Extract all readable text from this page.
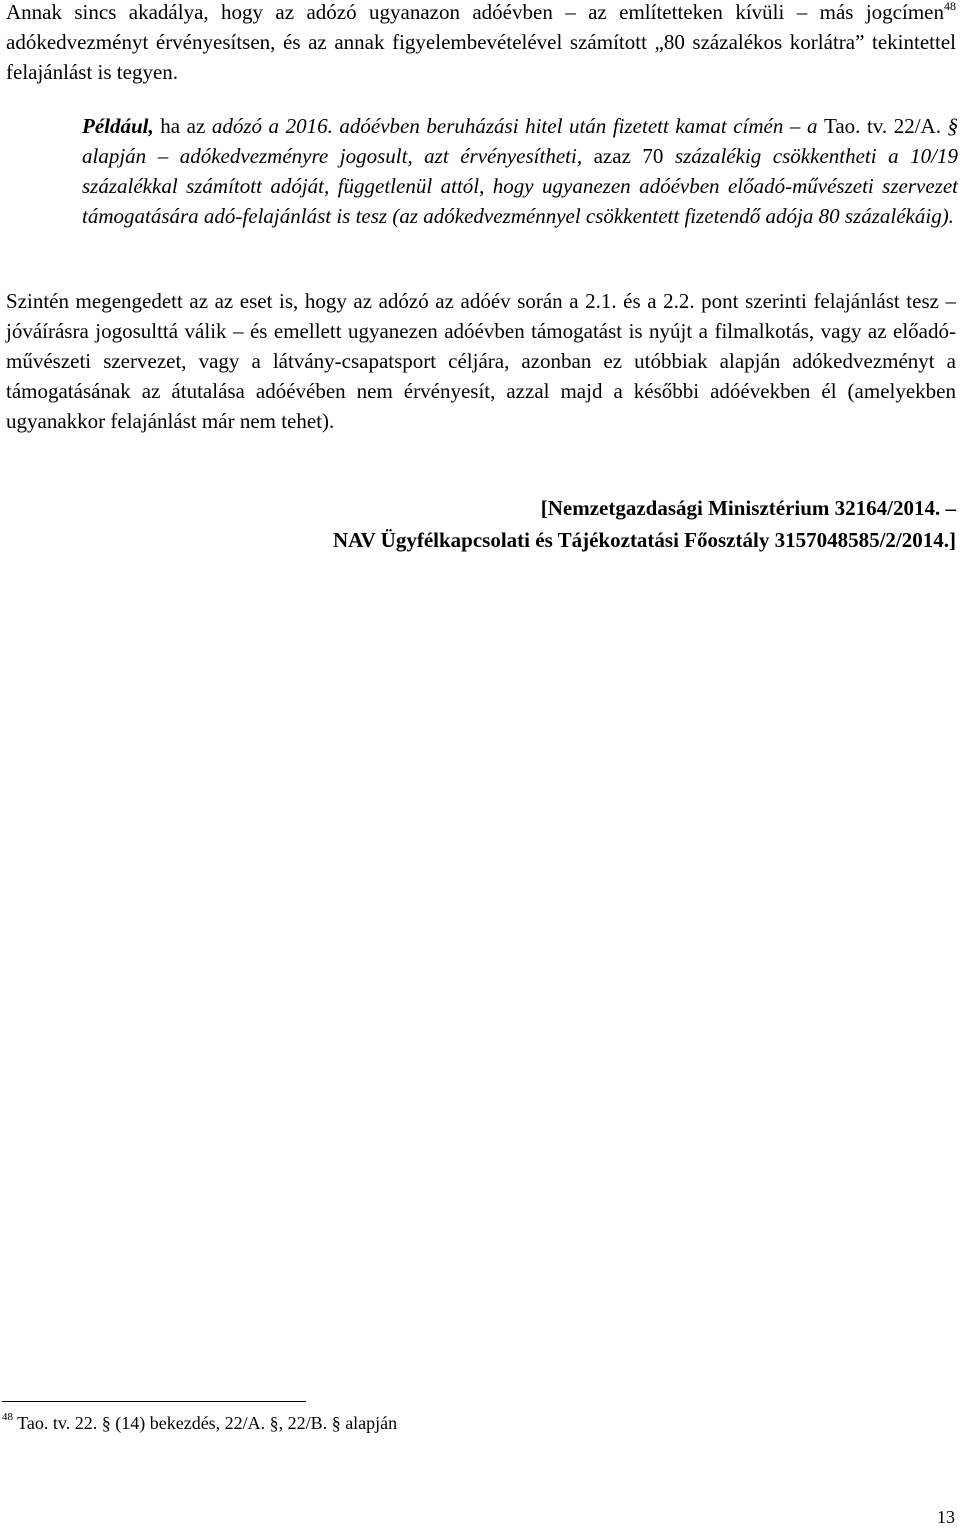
Annak sincs akadálya, hogy az adózó ugyanazon adóévben – az említetteken kívüli – más jogcímen$^{48}$ adókedvezményt érvényesítsen, és az annak figyelembevételével számított „80 százalékos korlátra” tekintettel felajánlást is tegyen.

Például, ha az adózó a 2016. adóévben beruházási hitel után fizetett kamat címén – a Tao. tv. 22/A. § alapján – adókedvezményre jogosult, azt érvényesítheti, azaz 70 százalékig csökkentheti a 10/19 százalékkal számított adóját, függetlenül attól, hogy ugyanezen adóévben előadó-művészeti szervezet támogatására adó-felajánlást is tesz (az adókedvezménnyel csökkentett fizetendő adója 80 százalékáig).

Szintén megengedett az az eset is, hogy az adózó az adóév során a 2.1. és a 2.2. pont szerinti felajánlást tesz – jóváírásra jogosulttá válik – és emellett ugyanezen adóévben támogatást is nyújt a filmalkotás, vagy az előadó-művészeti szervezet, vagy a látvány-csapatsport céljára, azonban ez utóbbiak alapján adókedvezményt a támogatásának az átutalása adóévében nem érvényesít, azzal majd a későbbi adóévekben él (amelyekben ugyanakkor felajánlást már nem tehet).

[Nemzetgazdasági Minisztérium 32164/2014. –
NAV Ügyfélkapcsolati és Tájékoztatási Főosztály 3157048585/2/2014.]
$^{48}$ Tao. tv. 22. § (14) bekezdés, 22/A. §, 22/B. § alapján
13
